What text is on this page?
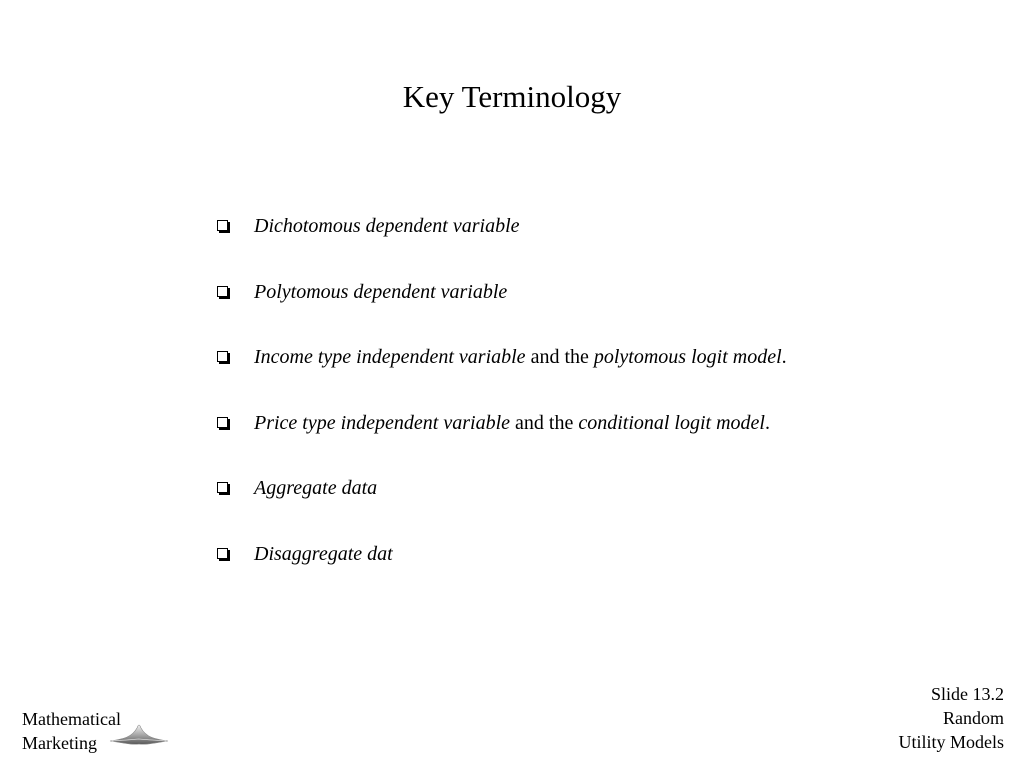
Key Terminology
Dichotomous dependent variable
Polytomous dependent variable
Income type independent variable and the polytomous logit model.
Price type independent variable and the conditional logit model.
Aggregate data
Disaggregate dat
Mathematical
Marketing
Slide 13.2
Random
Utility Models
